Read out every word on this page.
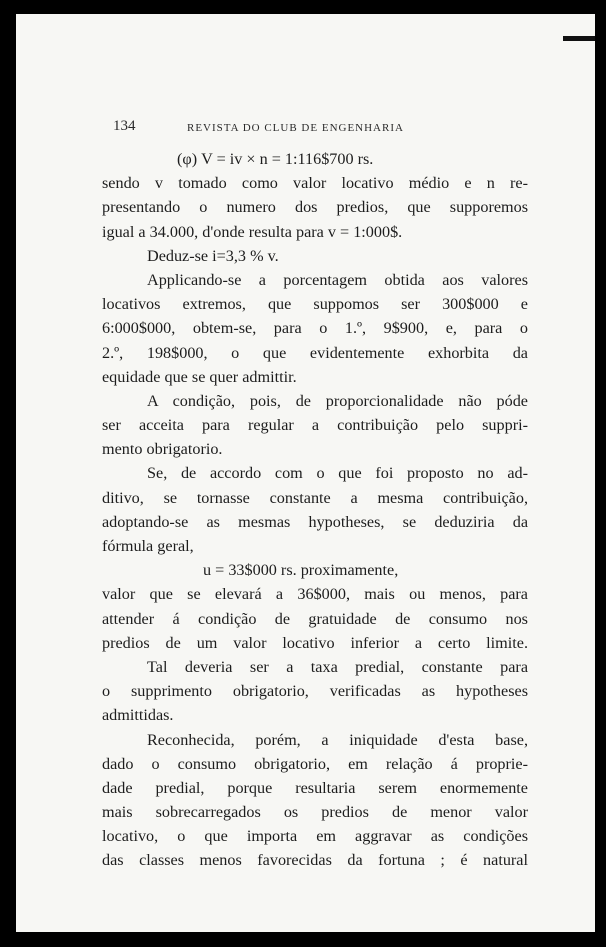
134	REVISTA DO CLUB DE ENGENHARIA
(φ) V = iv × n = 1:116$700 rs.
sendo v tomado como valor locativo médio e n re-
presentando o numero dos predios, que supporemos
igual a 34.000, d'onde resulta para v = 1:000$.
Deduz-se i=3,3 % v.
Applicando-se a porcentagem obtida aos valores
locativos extremos, que suppomos ser 300$000 e
6:000$000, obtem-se, para o 1.º, 9$900, e, para o
2.º, 198$000, o que evidentemente exhorbita da
equidade que se quer admittir.
A condição, pois, de proporcionalidade não póde
ser acceita para regular a contribuição pelo suppri-
mento obrigatorio.
Se, de accordo com o que foi proposto no ad-
ditivo, se tornasse constante a mesma contribuição,
adoptando-se as mesmas hypotheses, se deduziria da
fórmula geral,
u = 33$000 rs. proximamente,
valor que se elevará a 36$000, mais ou menos, para
attender á condição de gratuidade de consumo nos
predios de um valor locativo inferior a certo limite.
Tal deveria ser a taxa predial, constante para
o supprimento obrigatorio, verificadas as hypotheses
admittidas.
Reconhecida, porém, a iniquidade d'esta base,
dado o consumo obrigatorio, em relação á proprie-
dade predial, porque resultaria serem enormemente
mais sobrecarregados os predios de menor valor
locativo, o que importa em aggravar as condições
das classes menos favorecidas da fortuna ; é natural
